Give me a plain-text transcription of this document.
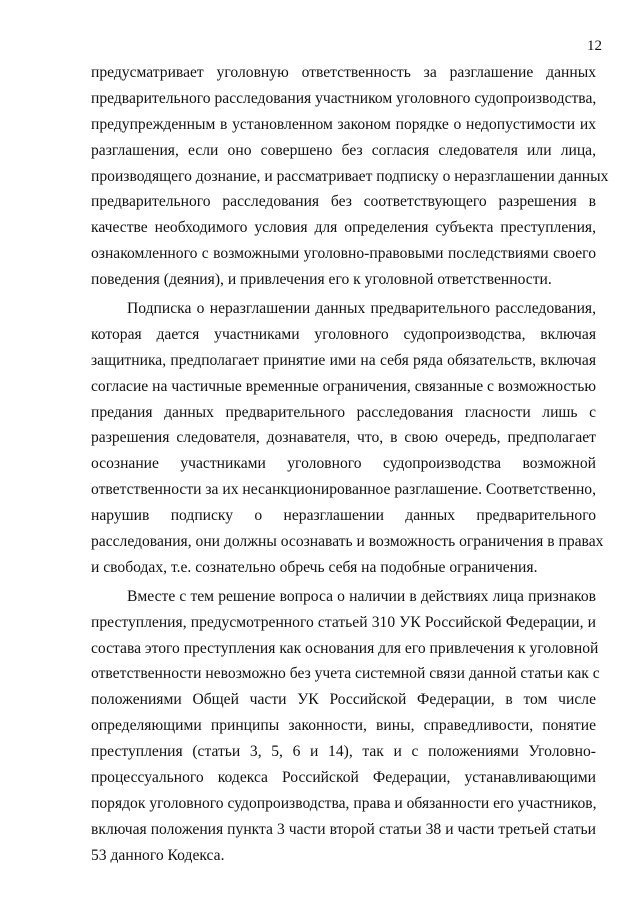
12
предусматривает уголовную ответственность за разглашение данных
предварительного расследования участником уголовного судопроизводства,
предупрежденным в установленном законом порядке о недопустимости их
разглашения, если оно совершено без согласия следователя или лица,
производящего дознание, и рассматривает подписку о неразглашении данных
предварительного расследования без соответствующего разрешения в
качестве необходимого условия для определения субъекта преступления,
ознакомленного с возможными уголовно-правовыми последствиями своего
поведения (деяния), и привлечения его к уголовной ответственности.
Подписка о неразглашении данных предварительного расследования,
которая дается участниками уголовного судопроизводства, включая
защитника, предполагает принятие ими на себя ряда обязательств, включая
согласие на частичные временные ограничения, связанные с возможностью
предания данных предварительного расследования гласности лишь с
разрешения следователя, дознавателя, что, в свою очередь, предполагает
осознание участниками уголовного судопроизводства возможной
ответственности за их несанкционированное разглашение. Соответственно,
нарушив подписку о неразглашении данных предварительного
расследования, они должны осознавать и возможность ограничения в правах
и свободах, т.е. сознательно обречь себя на подобные ограничения.
Вместе с тем решение вопроса о наличии в действиях лица признаков
преступления, предусмотренного статьей 310 УК Российской Федерации, и
состава этого преступления как основания для его привлечения к уголовной
ответственности невозможно без учета системной связи данной статьи как с
положениями Общей части УК Российской Федерации, в том числе
определяющими принципы законности, вины, справедливости, понятие
преступления (статьи 3, 5, 6 и 14), так и с положениями Уголовно-
процессуального кодекса Российской Федерации, устанавливающими
порядок уголовного судопроизводства, права и обязанности его участников,
включая положения пункта 3 части второй статьи 38 и части третьей статьи
53 данного Кодекса.
